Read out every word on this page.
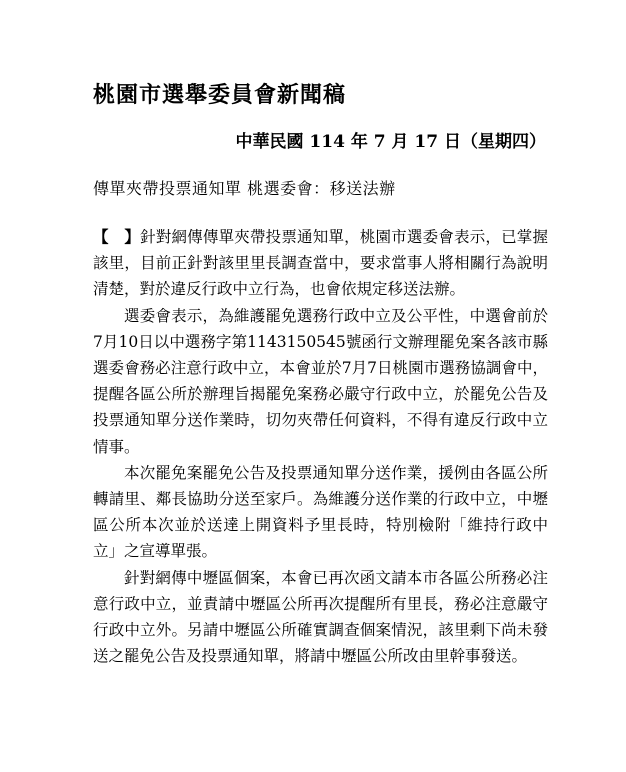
桃園市選舉委員會新聞稿
中華民國 114 年 7 月 17 日（星期四）
傳單夾帶投票通知單 桃選委會：移送法辦

【　】針對網傳傳單夾帶投票通知單，桃園市選委會表示，已掌握該里，目前正針對該里里長調查當中，要求當事人將相關行為說明清楚，對於違反行政中立行為，也會依規定移送法辦。

選委會表示，為維護罷免選務行政中立及公平性，中選會前於7月10日以中選務字第1143150545號函行文辦理罷免案各該市縣選委會務必注意行政中立，本會並於7月7日桃園市選務協調會中，提醒各區公所於辦理旨揭罷免案務必嚴守行政中立，於罷免公告及投票通知單分送作業時，切勿夾帶任何資料，不得有違反行政中立情事。

本次罷免案罷免公告及投票通知單分送作業，援例由各區公所轉請里、鄰長協助分送至家戶。為維護分送作業的行政中立，中壢區公所本次並於送達上開資料予里長時，特別檢附「維持行政中立」之宣導單張。

針對網傳中壢區個案，本會已再次函文請本市各區公所務必注意行政中立，並責請中壢區公所再次提醒所有里長，務必注意嚴守行政中立外。另請中壢區公所確實調查個案情況，該里剩下尚未發送之罷免公告及投票通知單，將請中壢區公所改由里幹事發送。
